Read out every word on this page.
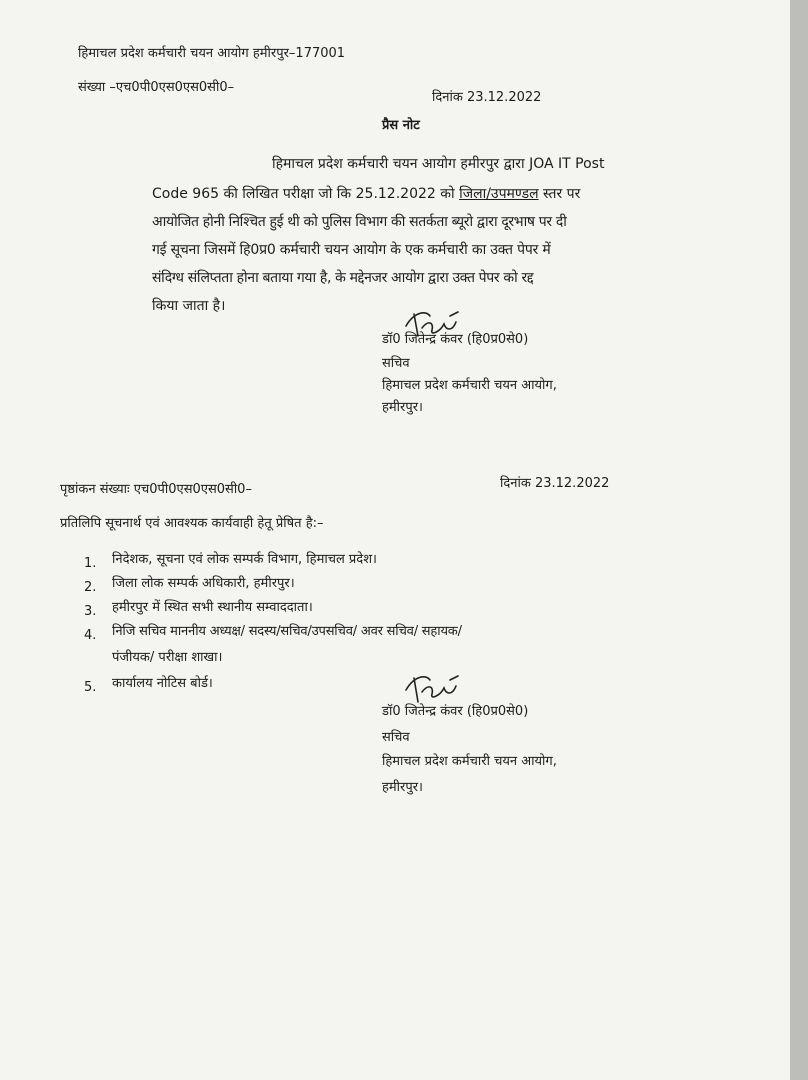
हिमाचल प्रदेश कर्मचारी चयन आयोग हमीरपुर–177001
संख्या –एच0पी0एस0एस0सी0–
दिनांक 23.12.2022
प्रैस नोट
हिमाचल प्रदेश कर्मचारी चयन आयोग हमीरपुर द्वारा JOA IT Post
Code 965 की लिखित परीक्षा जो कि 25.12.2022 को जिला/उपमण्डल स्तर पर
आयोजित होनी निश्चित हुई थी को पुलिस विभाग की सतर्कता ब्यूरो द्वारा दूरभाष पर दी
गई सूचना जिसमें हि0प्र0 कर्मचारी चयन आयोग के एक कर्मचारी का उक्त पेपर में
संदिग्ध संलिप्तता होना बताया गया है, के मद्देनजर आयोग द्वारा उक्त पेपर को रद्द
किया जाता है।
डॉ0 जितेन्द्र कंवर (हि0प्र0से0)
सचिव
हिमाचल प्रदेश कर्मचारी चयन आयोग,
हमीरपुर।
पृष्ठांकन संख्याः एच0पी0एस0एस0सी0–	दिनांक 23.12.2022
प्रतिलिपि सूचनार्थ एवं आवश्यक कार्यवाही हेतू प्रेषित है:–
1. निदेशक, सूचना एवं लोक सम्पर्क विभाग, हिमाचल प्रदेश।
2. जिला लोक सम्पर्क अधिकारी, हमीरपुर।
3. हमीरपुर में स्थित सभी स्थानीय सम्वाददाता।
4. निजि सचिव माननीय अध्यक्ष/ सदस्य/सचिव/उपसचिव/ अवर सचिव/ सहायक/
पंजीयक/ परीक्षा शाखा।
5. कार्यालय नोटिस बोर्ड।
डॉ0 जितेन्द्र कंवर (हि0प्र0से0)
सचिव
हिमाचल प्रदेश कर्मचारी चयन आयोग,
हमीरपुर।
